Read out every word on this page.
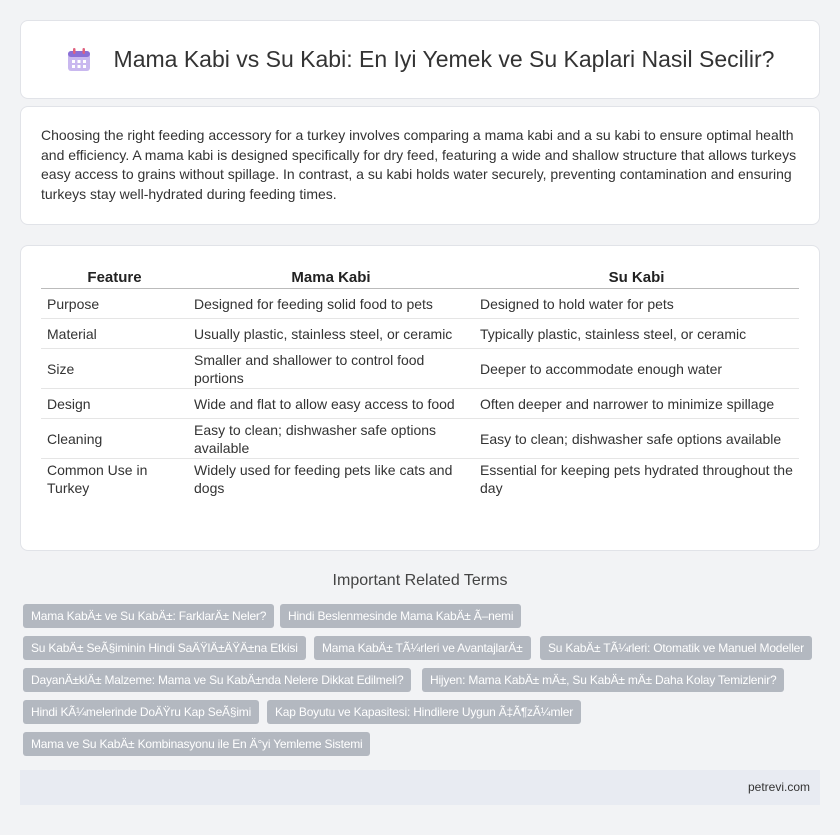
Mama Kabi vs Su Kabi: En Iyi Yemek ve Su Kaplari Nasil Secilir?

Choosing the right feeding accessory for a turkey involves comparing a mama kabi and a su kabi to ensure optimal health and efficiency. A mama kabi is designed specifically for dry feed, featuring a wide and shallow structure that allows turkeys easy access to grains without spillage. In contrast, a su kabi holds water securely, preventing contamination and ensuring turkeys stay well-hydrated during feeding times.

Feature	Mama Kabi	Su Kabi
Purpose	Designed for feeding solid food to pets	Designed to hold water for pets
Material	Usually plastic, stainless steel, or ceramic	Typically plastic, stainless steel, or ceramic
Size	Smaller and shallower to control food portions	Deeper to accommodate enough water
Design	Wide and flat to allow easy access to food	Often deeper and narrower to minimize spillage
Cleaning	Easy to clean; dishwasher safe options available	Easy to clean; dishwasher safe options available
Common Use in Turkey	Widely used for feeding pets like cats and dogs	Essential for keeping pets hydrated throughout the day
Important Related Terms
Mama KabÄ± ve Su KabÄ±: FarklarÄ± Neler?	Hindi Beslenmesinde Mama KabÄ± Ã–nemi
Su KabÄ± SeÃ§iminin Hindi SaÄŸlÄ±ÄŸÄ±na Etkisi	Mama KabÄ± TÃ¼rleri ve AvantajlarÄ±	Su KabÄ± TÃ¼rleri: Otomatik ve Manuel Modeller
DayanÄ±klÄ± Malzeme: Mama ve Su KabÄ±nda Nelere Dikkat Edilmeli?	Hijyen: Mama KabÄ± mÄ±, Su KabÄ± mÄ± Daha Kolay Temizlenir?
Hindi KÃ¼melerinde DoÄŸru Kap SeÃ§imi	Kap Boyutu ve Kapasitesi: Hindilere Uygun Ã‡Ã¶zÃ¼mler
Mama ve Su KabÄ± Kombinasyonu ile En Ä°yi Yemleme Sistemi
petrevi.com
